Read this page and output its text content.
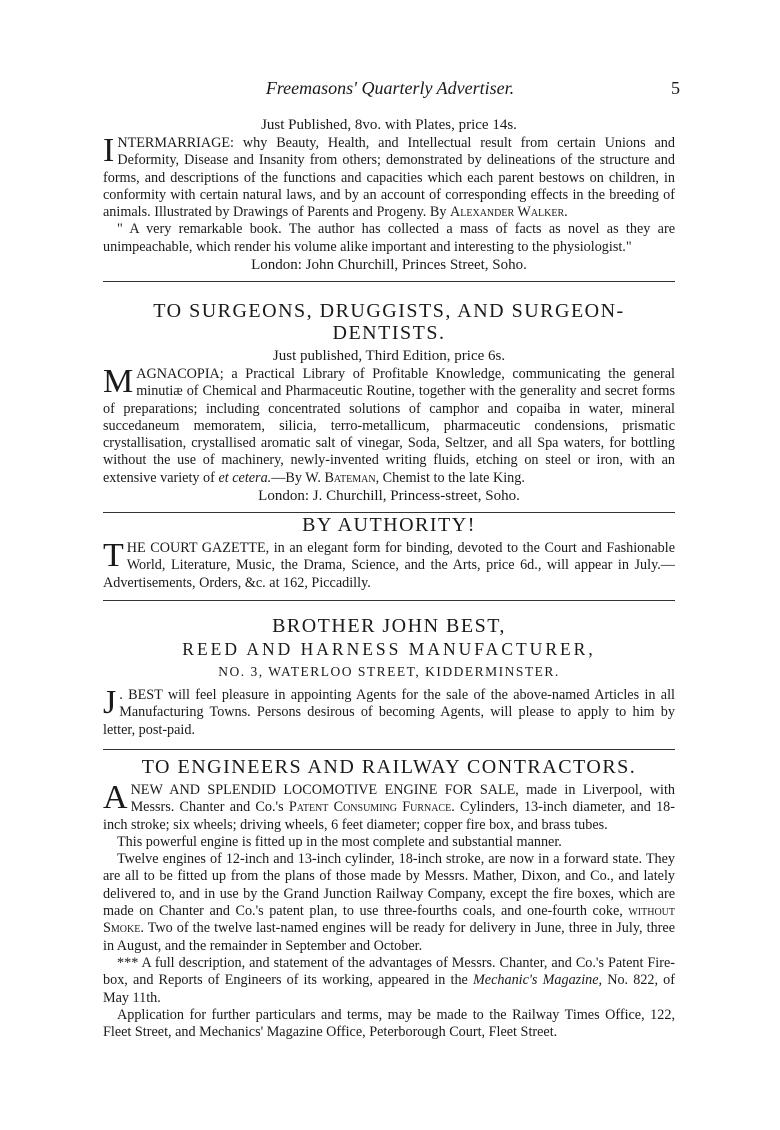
Freemasons' Quarterly Advertiser.	5
Just Published, 8vo. with Plates, price 14s.

INTERMARRIAGE: why Beauty, Health, and Intellectual result from certain Unions and Deformity, Disease and Insanity from others; demonstrated by delineations of the structure and forms, and descriptions of the functions and capacities which each parent bestows on children, in conformity with certain natural laws, and by an account of corresponding effects in the breeding of animals. Illustrated by Drawings of Parents and Progeny. By Alexander Walker.

" A very remarkable book. The author has collected a mass of facts as novel as they are unimpeachable, which render his volume alike important and interesting to the physiologist."

London: John Churchill, Princes Street, Soho.
TO SURGEONS, DRUGGISTS, AND SURGEON-DENTISTS.
Just published, Third Edition, price 6s.

MAGNACOPIA; a Practical Library of Profitable Knowledge, communicating the general minutiæ of Chemical and Pharmaceutic Routine, together with the generality and secret forms of preparations; including concentrated solutions of camphor and copaiba in water, mineral succedaneum memoratem, silicia, terro-metallicum, pharmaceutic condensions, prismatic crystallisation, crystallised aromatic salt of vinegar, Soda, Seltzer, and all Spa waters, for bottling without the use of machinery, newly-invented writing fluids, etching on steel or iron, with an extensive variety of et cetera.—By W. Bateman, Chemist to the late King.

London: J. Churchill, Princess-street, Soho.
BY AUTHORITY!

THE COURT GAZETTE, in an elegant form for binding, devoted to the Court and Fashionable World, Literature, Music, the Drama, Science, and the Arts, price 6d., will appear in July.—Advertisements, Orders, &c. at 162, Piccadilly.

BROTHER JOHN BEST,
REED AND HARNESS MANUFACTURER,
NO. 3, WATERLOO STREET, KIDDERMINSTER.

J . BEST will feel pleasure in appointing Agents for the sale of the above-named Articles in all Manufacturing Towns. Persons desirous of becoming Agents, will please to apply to him by letter, post-paid.

TO ENGINEERS AND RAILWAY CONTRACTORS.

A NEW AND SPLENDID LOCOMOTIVE ENGINE FOR SALE, made in Liverpool, with Messrs. Chanter and Co.'s Patent Consuming Furnace. Cylinders, 13-inch diameter, and 18-inch stroke; six wheels; driving wheels, 6 feet diameter; copper fire box, and brass tubes.

This powerful engine is fitted up in the most complete and substantial manner.

Twelve engines of 12-inch and 13-inch cylinder, 18-inch stroke, are now in a forward state. They are all to be fitted up from the plans of those made by Messrs. Mather, Dixon, and Co., and lately delivered to, and in use by the Grand Junction Railway Company, except the fire boxes, which are made on Chanter and Co.'s patent plan, to use three-fourths coals, and one-fourth coke, without Smoke. Two of the twelve last-named engines will be ready for delivery in June, three in July, three in August, and the remainder in September and October.

*** A full description, and statement of the advantages of Messrs. Chanter, and Co.'s Patent Fire-box, and Reports of Engineers of its working, appeared in the Mechanic's Magazine, No. 822, of May 11th.

Application for further particulars and terms, may be made to the Railway Times Office, 122, Fleet Street, and Mechanics' Magazine Office, Peterborough Court, Fleet Street.
